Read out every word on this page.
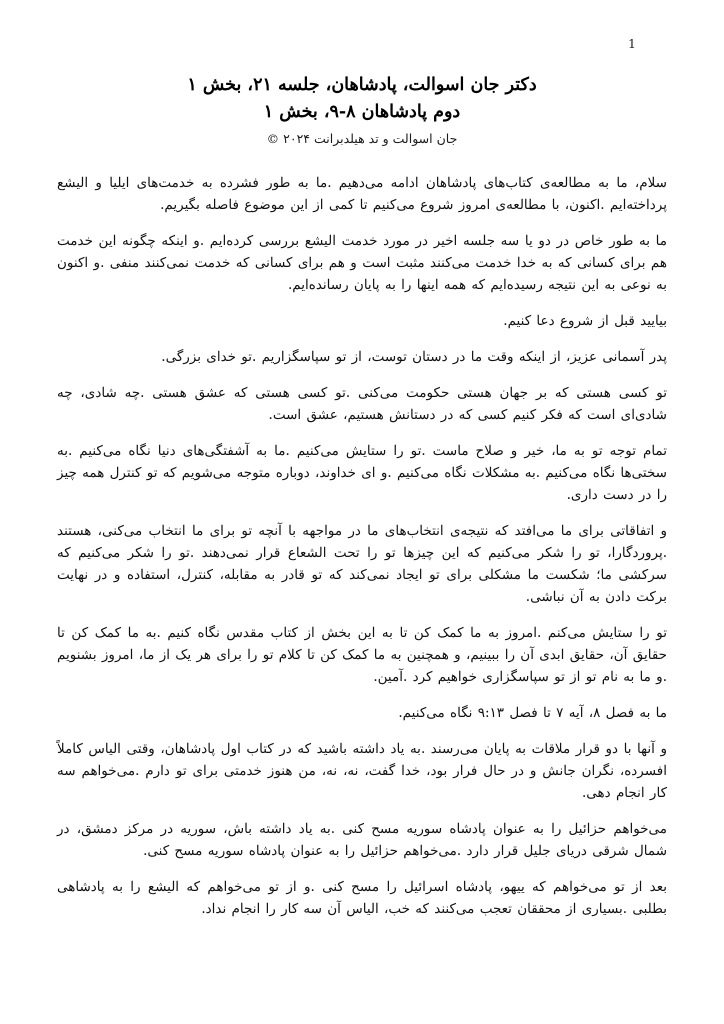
1
دکتر جان اسوالت، پادشاهان، جلسه ۲۱، بخش ۱
دوم پادشاهان ۸-۹، بخش ۱
جان اسوالت و تد هیلدبرانت ۲۰۲۴ ©

سلام، ما به مطالعه‌ی کتاب‌های پادشاهان ادامه می‌دهیم .ما به طور فشرده به خدمت‌های ایلیا و الیشع پرداخته‌ایم .اکنون، با مطالعه‌ی امروز شروع می‌کنیم تا کمی از این موضوع فاصله بگیریم.

ما به طور خاص در دو یا سه جلسه اخیر در مورد خدمت الیشع بررسی کرده‌ایم .و اینکه چگونه این خدمت هم برای کسانی که به خدا خدمت می‌کنند مثبت است و هم برای کسانی که خدمت نمی‌کنند منفی .و اکنون به نوعی به این نتیجه رسیده‌ایم که همه اینها را به پایان رسانده‌ایم.

بیایید قبل از شروع دعا کنیم.

پدر آسمانی عزیز، از اینکه وقت ما در دستان توست، از تو سپاسگزاریم .تو خدای بزرگی.

تو کسی هستی که بر جهان هستی حکومت می‌کنی .تو کسی هستی که عشق هستی .چه شادی، چه شادی‌ای است که فکر کنیم کسی که در دستانش هستیم، عشق است.

تمام توجه تو به ما، خیر و صلاح ماست .تو را ستایش می‌کنیم .ما به آشفتگی‌های دنیا نگاه می‌کنیم .به سختی‌ها نگاه می‌کنیم .به مشکلات نگاه می‌کنیم .و ای خداوند، دوباره متوجه می‌شویم که تو کنترل همه چیز را در دست داری.

و اتفاقاتی برای ما می‌افتد که نتیجه‌ی انتخاب‌های ما در مواجهه با آنچه تو برای ما انتخاب می‌کنی، هستند .پروردگارا، تو را شکر می‌کنیم که این چیزها تو را تحت الشعاع قرار نمی‌دهند .تو را شکر می‌کنیم که سرکشی ما؛ شکست ما مشکلی برای تو ایجاد نمی‌کند که تو قادر به مقابله، کنترل، استفاده و در نهایت برکت دادن به آن نباشی.

تو را ستایش می‌کنم .امروز به ما کمک کن تا به این بخش از کتاب مقدس نگاه کنیم .به ما کمک کن تا حقایق آن، حقایق ابدی آن را ببینیم، و همچنین به ما کمک کن تا کلام تو را برای هر یک از ما، امروز بشنویم .و ما به نام تو از تو سپاسگزاری خواهیم کرد .آمین.

ما به فصل ۸، آیه ۷ تا فصل ۹:۱۳ نگاه می‌کنیم.

و آنها با دو قرار ملاقات به پایان می‌رسند .به یاد داشته باشید که در کتاب اول پادشاهان، وقتی الیاس کاملاً افسرده، نگران جانش و در حال فرار بود، خدا گفت، نه، نه، من هنوز خدمتی برای تو دارم .می‌خواهم سه کار انجام دهی.

می‌خواهم حزائیل را به عنوان پادشاه سوریه مسح کنی .به یاد داشته باش، سوریه در مرکز دمشق، در شمال شرقی دریای جلیل قرار دارد .می‌خواهم حزائیل را به عنوان پادشاه سوریه مسح کنی.

بعد از تو می‌خواهم که ییهو، پادشاه اسرائیل را مسح کنی .و از تو می‌خواهم که الیشع را به پادشاهی بطلبی .بسیاری از محققان تعجب می‌کنند که خب، الیاس آن سه کار را انجام نداد.
